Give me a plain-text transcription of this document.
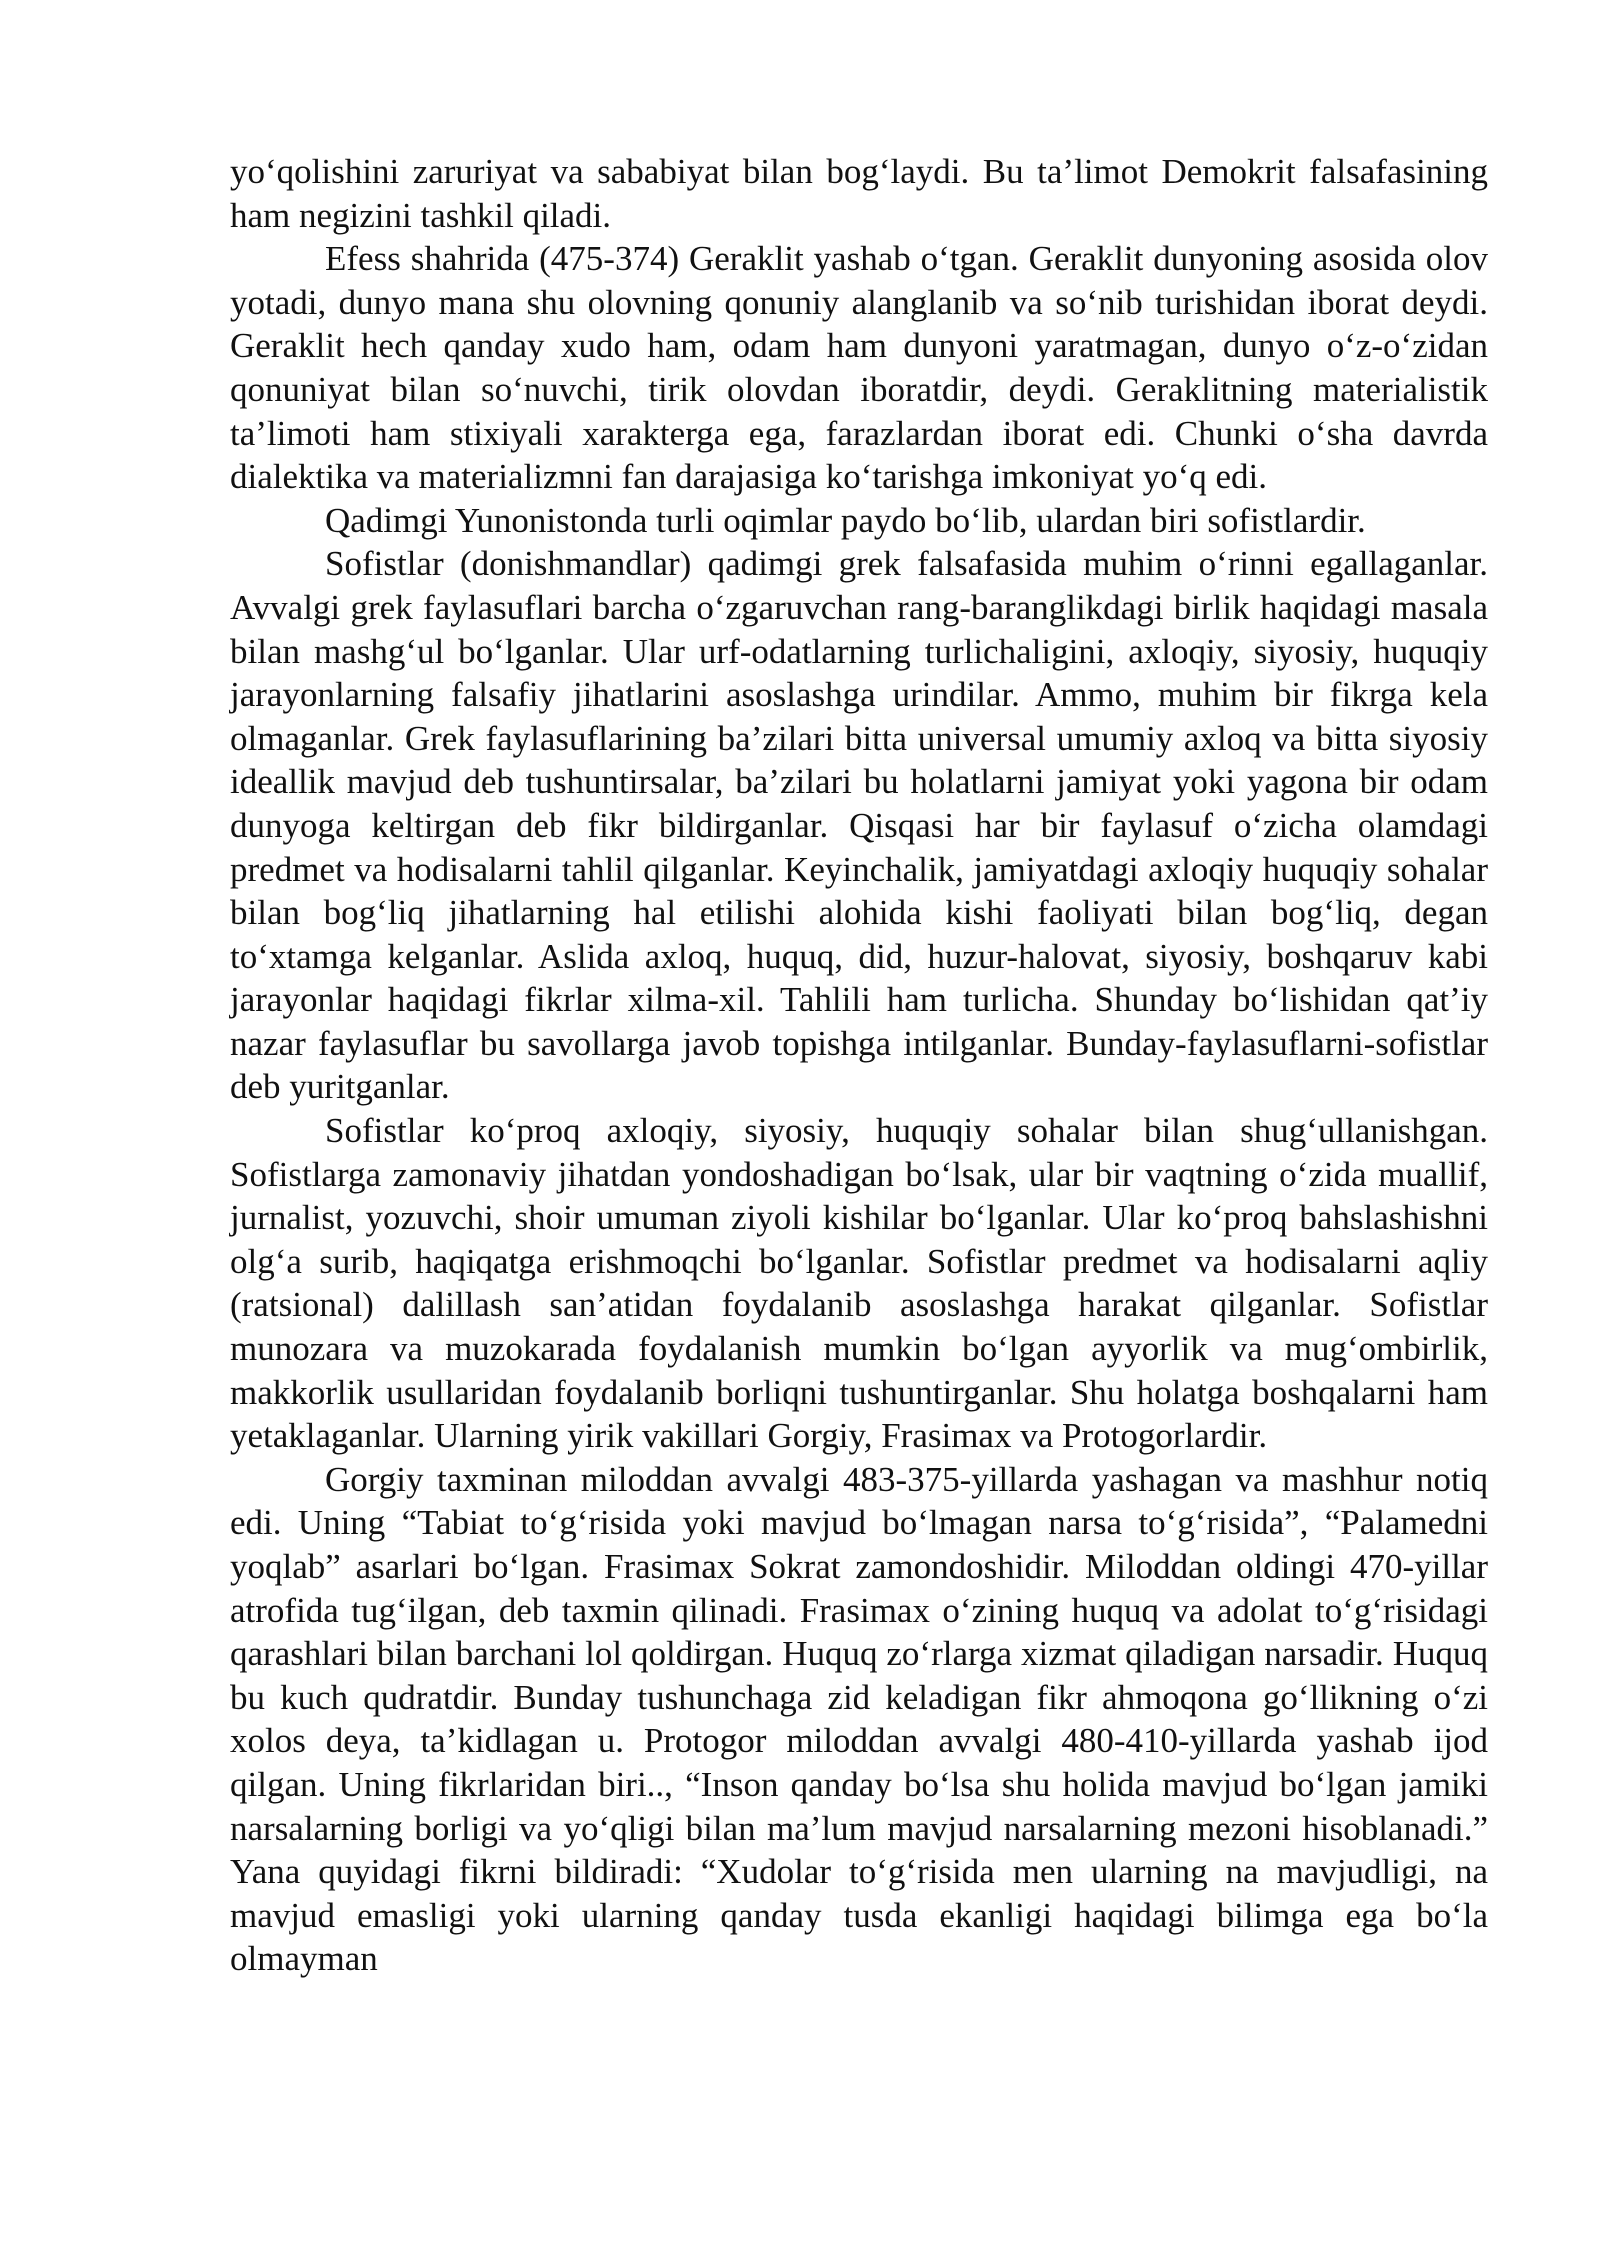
yo‘qolishini zaruriyat va sababiyat bilan bog‘laydi. Bu ta’limot Demokrit falsafasining ham negizini tashkil qiladi.

Efess shahrida (475-374) Geraklit yashab o‘tgan. Geraklit dunyoning asosida olov yotadi, dunyo mana shu olovning qonuniy alanglanib va so‘nib turishidan iborat deydi. Geraklit hech qanday xudo ham, odam ham dunyoni yaratmagan, dunyo o‘z-o‘zidan qonuniyat bilan so‘nuvchi, tirik olovdan iboratdir, deydi. Geraklitning materialistik ta’limoti ham stixiyali xarakterga ega, farazlardan iborat edi. Chunki o‘sha davrda dialektika va materializmni fan darajasiga ko‘tarishga imkoniyat yo‘q edi.

Qadimgi Yunonistonda turli oqimlar paydo bo‘lib, ulardan biri sofistlardir.

Sofistlar (donishmandlar) qadimgi grek falsafasida muhim o‘rinni egallaganlar. Avvalgi grek faylasuflari barcha o‘zgaruvchan rang-baranglikdagi birlik haqidagi masala bilan mashg‘ul bo‘lganlar. Ular urf-odatlarning turlichaligini, axloqiy, siyosiy, huquqiy jarayonlarning falsafiy jihatlarini asoslashga urindilar. Ammo, muhim bir fikrga kela olmaganlar. Grek faylasuflarining ba’zilari bitta universal umumiy axloq va bitta siyosiy ideallik mavjud deb tushuntirsalar, ba’zilari bu holatlarni jamiyat yoki yagona bir odam dunyoga keltirgan deb fikr bildirganlar. Qisqasi har bir faylasuf o‘zicha olamdagi predmet va hodisalarni tahlil qilganlar. Keyinchalik, jamiyatdagi axloqiy huquqiy sohalar bilan bog‘liq jihatlarning hal etilishi alohida kishi faoliyati bilan bog‘liq, degan to‘xtamga kelganlar. Aslida axloq, huquq, did, huzur-halovat, siyosiy, boshqaruv kabi jarayonlar haqidagi fikrlar xilma-xil. Tahlili ham turlicha. Shunday bo‘lishidan qat’iy nazar faylasuflar bu savollarga javob topishga intilganlar. Bunday-faylasuflarni-sofistlar deb yuritganlar.

Sofistlar ko‘proq axloqiy, siyosiy, huquqiy sohalar bilan shug‘ullanishgan. Sofistlarga zamonaviy jihatdan yondoshadigan bo‘lsak, ular bir vaqtning o‘zida muallif, jurnalist, yozuvchi, shoir umuman ziyoli kishilar bo‘lganlar. Ular ko‘proq bahslashishni olg‘a surib, haqiqatga erishmoqchi bo‘lganlar. Sofistlar predmet va hodisalarni aqliy (ratsional) dalillash san’atidan foydalanib asoslashga harakat qilganlar. Sofistlar munozara va muzokarada foydalanish mumkin bo‘lgan ayyorlik va mug‘ombirlik, makkorlik usullaridan foydalanib borliqni tushuntirganlar. Shu holatga boshqalarni ham yetaklaganlar. Ularning yirik vakillari Gorgiy, Frasimax va Protogorlardir.

Gorgiy taxminan miloddan avvalgi 483-375-yillarda yashagan va mashhur notiq edi. Uning “Tabiat to‘g‘risida yoki mavjud bo‘lmagan narsa to‘g‘risida”, “Palamedni yoqlab” asarlari bo‘lgan. Frasimax Sokrat zamondoshidir. Miloddan oldingi 470-yillar atrofida tug‘ilgan, deb taxmin qilinadi. Frasimax o‘zining huquq va adolat to‘g‘risidagi qarashlari bilan barchani lol qoldirgan. Huquq zo‘rlarga xizmat qiladigan narsadir. Huquq bu kuch qudratdir. Bunday tushunchaga zid keladigan fikr ahmoqona go‘llikning o‘zi xolos deya, ta’kidlagan u. Protogor miloddan avvalgi 480-410-yillarda yashab ijod qilgan. Uning fikrlaridan biri.., “Inson qanday bo‘lsa shu holida mavjud bo‘lgan jamiki narsalarning borligi va yo‘qligi bilan ma’lum mavjud narsalarning mezoni hisoblanadi.” Yana quyidagi fikrni bildiradi: “Xudolar to‘g‘risida men ularning na mavjudligi, na mavjud emasligi yoki ularning qanday tusda ekanligi haqidagi bilimga ega bo‘la olmayman
